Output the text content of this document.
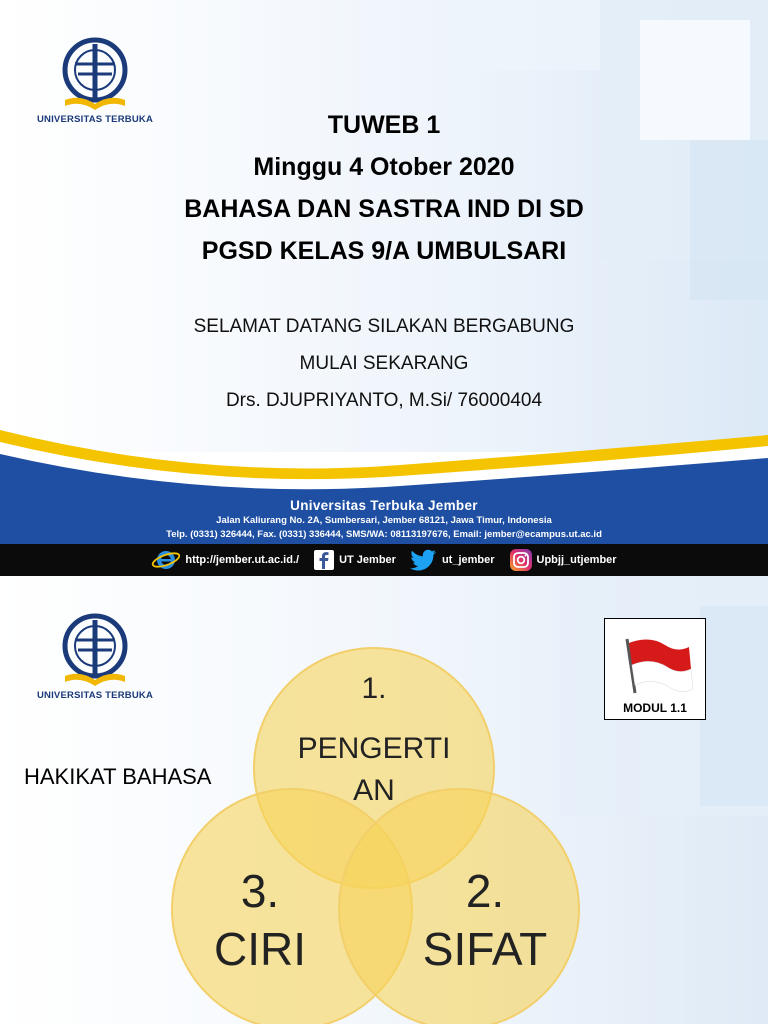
UNIVERSITAS TERBUKA	TUWEB 1
Minggu 4 Otober 2020
BAHASA DAN SASTRA IND DI SD
PGSD KELAS 9/A UMBULSARI
SELAMAT DATANG SILAKAN BERGABUNG
MULAI SEKARANG
Drs. DJUPRIYANTO, M.Si/ 76000404
Universitas Terbuka Jember
Jalan Kaliurang No. 2A, Sumbersari, Jember 68121, Jawa Timur, Indonesia
Telp. (0331) 326444, Fax. (0331) 336444, SMS/WA: 08113197676, Email: jember@ecampus.ut.ac.id
http://jember.ut.ac.id./	UT Jember	ut_jember	Upbjj_utjember
UNIVERSITAS TERBUKA	1.
PENGERTI
AN
3.
CIRI
2.
SIFAT
HAKIKAT BAHASA
MODUL 1.1
